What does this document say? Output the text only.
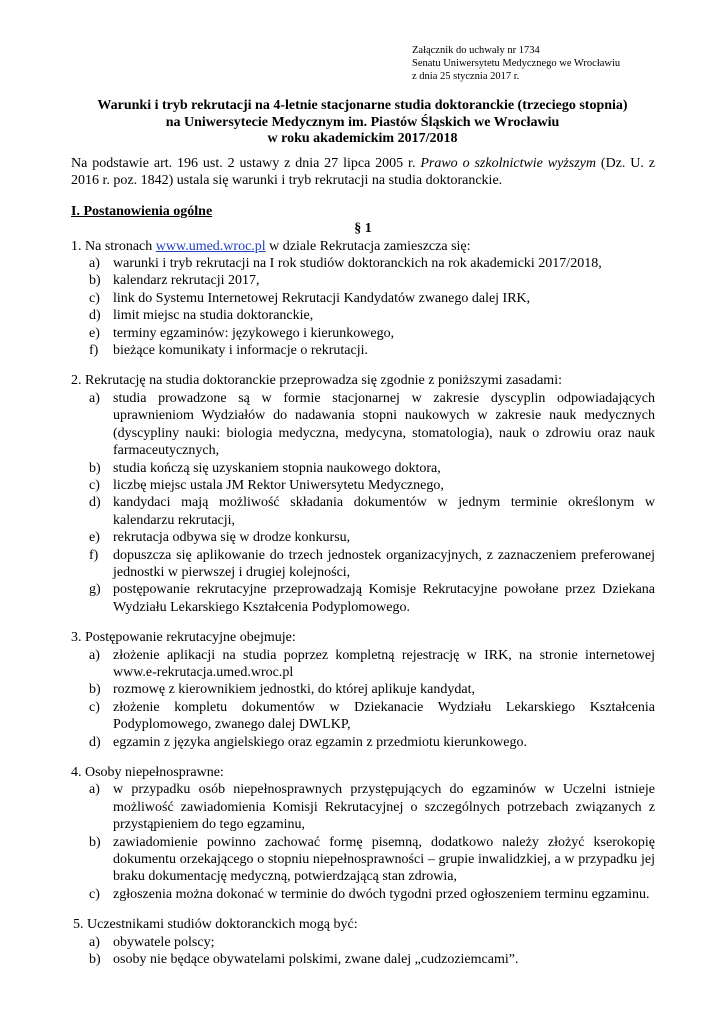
Załącznik do uchwały nr 1734
Senatu Uniwersytetu Medycznego we Wrocławiu
z dnia 25 stycznia 2017 r.
Warunki i tryb rekrutacji na 4-letnie stacjonarne studia doktoranckie (trzeciego stopnia)
na Uniwersytecie Medycznym im. Piastów Śląskich we Wrocławiu
w roku akademickim 2017/2018

Na podstawie art. 196 ust. 2 ustawy z dnia 27 lipca 2005 r. Prawo o szkolnictwie wyższym (Dz. U. z 2016 r. poz. 1842) ustala się warunki i tryb rekrutacji na studia doktoranckie.

I. Postanowienia ogólne

§ 1

1. Na stronach www.umed.wroc.pl w dziale Rekrutacja zamieszcza się:

a) warunki i tryb rekrutacji na I rok studiów doktoranckich na rok akademicki 2017/2018,
b) kalendarz rekrutacji 2017,
c) link do Systemu Internetowej Rekrutacji Kandydatów zwanego dalej IRK,
d) limit miejsc na studia doktoranckie,
e) terminy egzaminów: językowego i kierunkowego,
f)	bieżące komunikaty i informacje o rekrutacji.

2. Rekrutację na studia doktoranckie przeprowadza się zgodnie z poniższymi zasadami:

a) studia prowadzone są w formie stacjonarnej w zakresie dyscyplin odpowiadających uprawnieniom Wydziałów do nadawania stopni naukowych w zakresie nauk medycznych (dyscypliny nauki: biologia medyczna, medycyna, stomatologia), nauk o zdrowiu oraz nauk farmaceutycznych,
b) studia kończą się uzyskaniem stopnia naukowego doktora,
c) liczbę miejsc ustala JM Rektor Uniwersytetu Medycznego,
d) kandydaci mają możliwość składania dokumentów w jednym terminie określonym w kalendarzu rekrutacji,
e) rekrutacja odbywa się w drodze konkursu,
f)	dopuszcza się aplikowanie do trzech jednostek organizacyjnych, z zaznaczeniem preferowanej jednostki w pierwszej i drugiej kolejności,
g) postępowanie rekrutacyjne przeprowadzają Komisje Rekrutacyjne powołane przez Dziekana Wydziału Lekarskiego Kształcenia Podyplomowego.

3. Postępowanie rekrutacyjne obejmuje:

a) złożenie aplikacji na studia poprzez kompletną rejestrację w IRK, na stronie internetowej www.e-rekrutacja.umed.wroc.pl
b) rozmowę z kierownikiem jednostki, do której aplikuje kandydat,
c) złożenie kompletu dokumentów w Dziekanacie Wydziału Lekarskiego Kształcenia Podyplomowego, zwanego dalej DWLKP,
d) egzamin z języka angielskiego oraz egzamin z przedmiotu kierunkowego.

4. Osoby niepełnosprawne:

a) w przypadku osób niepełnosprawnych przystępujących do egzaminów w Uczelni istnieje możliwość zawiadomienia Komisji Rekrutacyjnej o szczególnych potrzebach związanych z przystąpieniem do tego egzaminu,
b) zawiadomienie powinno zachować formę pisemną, dodatkowo należy złożyć kserokopię dokumentu orzekającego o stopniu niepełnosprawności – grupie inwalidzkiej, a w przypadku jej braku dokumentację medyczną, potwierdzającą stan zdrowia,
c) zgłoszenia można dokonać w terminie do dwóch tygodni przed ogłoszeniem terminu egzaminu.

5. Uczestnikami studiów doktoranckich mogą być:

a) obywatele polscy;
b) osoby nie będące obywatelami polskimi, zwane dalej „cudzoziemcami”.
